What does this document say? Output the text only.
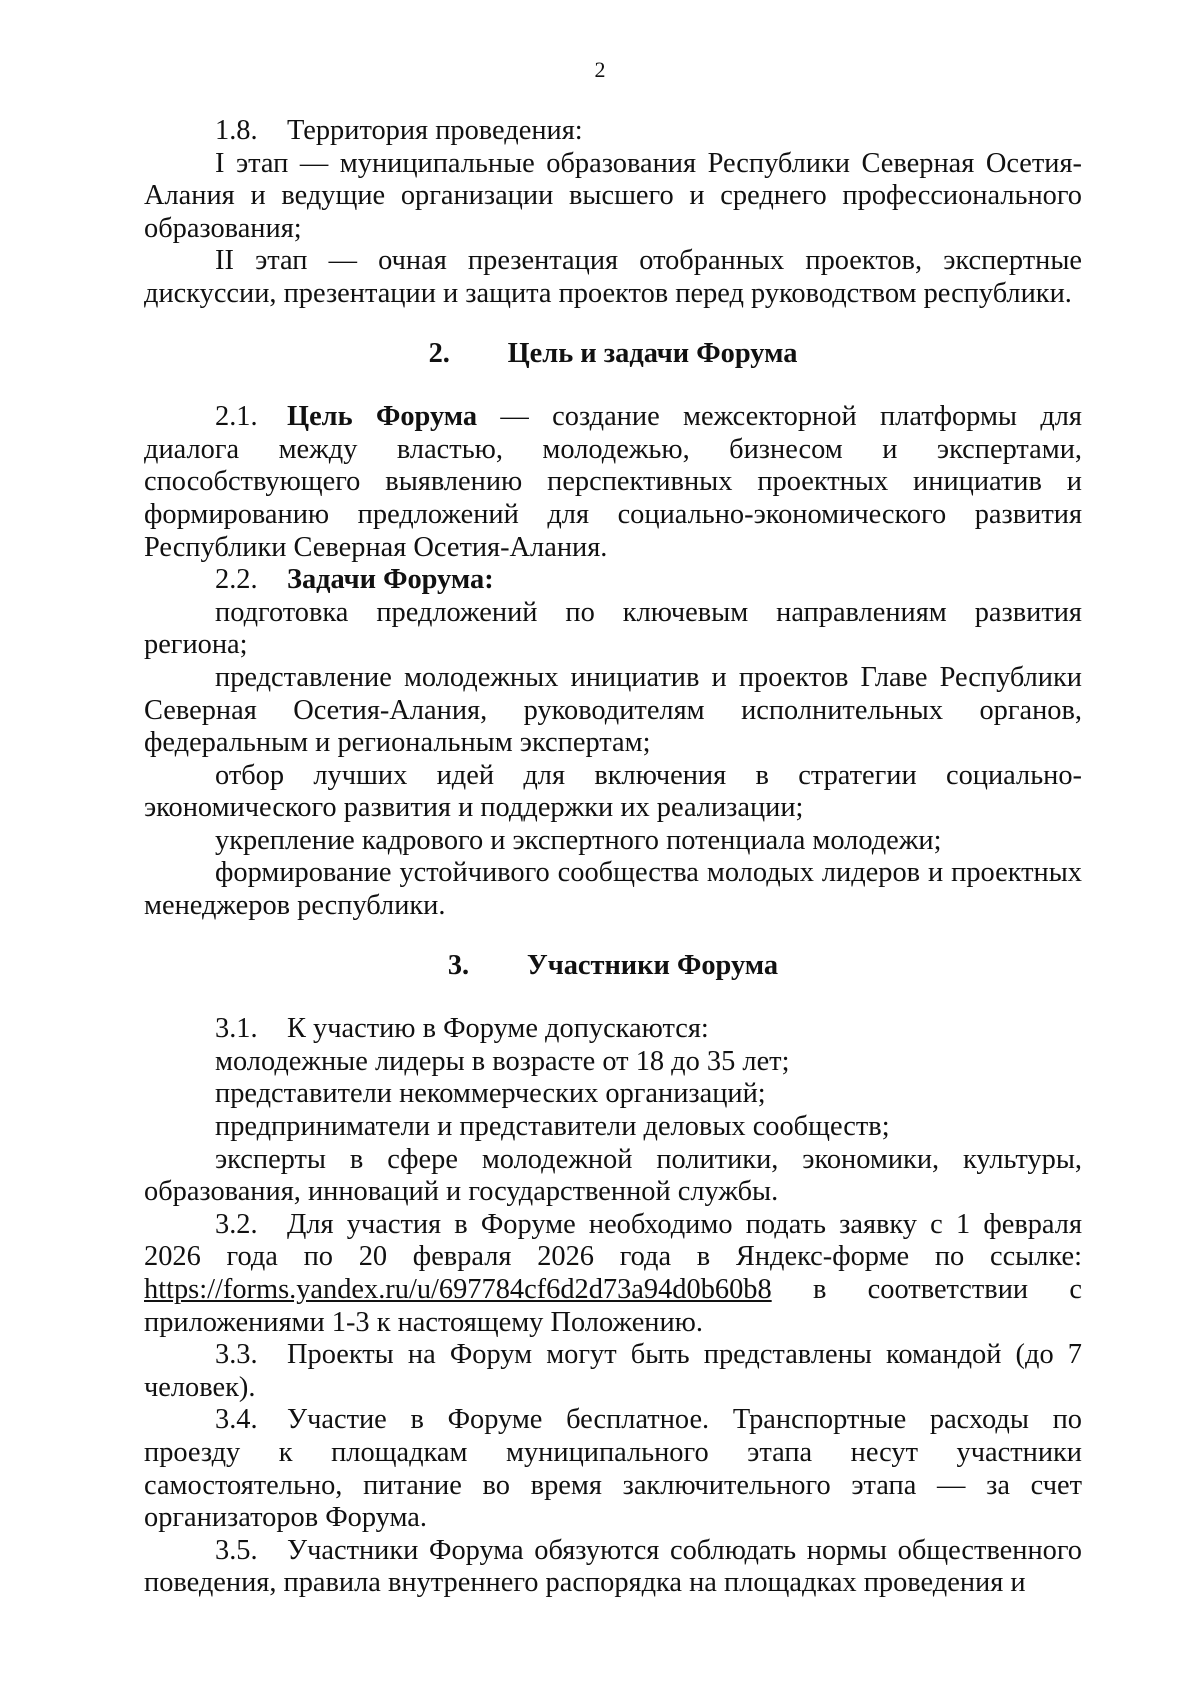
2

1.8. Территория проведения:

I этап — муниципальные образования Республики Северная Осетия-Алания и ведущие организации высшего и среднего профессионального образования;

II этап — очная презентация отобранных проектов, экспертные дискуссии, презентации и защита проектов перед руководством республики.

2. Цель и задачи Форума

2.1. Цель Форума — создание межсекторной платформы для диалога между властью, молодежью, бизнесом и экспертами, способствующего выявлению перспективных проектных инициатив и формированию предложений для социально-экономического развития Республики Северная Осетия-Алания.

2.2. Задачи Форума:

подготовка предложений по ключевым направлениям развития региона;

представление молодежных инициатив и проектов Главе Республики Северная Осетия-Алания, руководителям исполнительных органов, федеральным и региональным экспертам;

отбор лучших идей для включения в стратегии социально-экономического развития и поддержки их реализации;

укрепление кадрового и экспертного потенциала молодежи;

формирование устойчивого сообщества молодых лидеров и проектных менеджеров республики.

3. Участники Форума

3.1. К участию в Форуме допускаются:

молодежные лидеры в возрасте от 18 до 35 лет;

представители некоммерческих организаций;

предприниматели и представители деловых сообществ;

эксперты в сфере молодежной политики, экономики, культуры, образования, инноваций и государственной службы.

3.2. Для участия в Форуме необходимо подать заявку с 1 февраля 2026 года по 20 февраля 2026 года в Яндекс-форме по ссылке: https://forms.yandex.ru/u/697784cf6d2d73a94d0b60b8 в соответствии с приложениями 1-3 к настоящему Положению.

3.3. Проекты на Форум могут быть представлены командой (до 7 человек).

3.4. Участие в Форуме бесплатное. Транспортные расходы по проезду к площадкам муниципального этапа несут участники самостоятельно, питание во время заключительного этапа — за счет организаторов Форума.

3.5. Участники Форума обязуются соблюдать нормы общественного поведения, правила внутреннего распорядка на площадках проведения и
